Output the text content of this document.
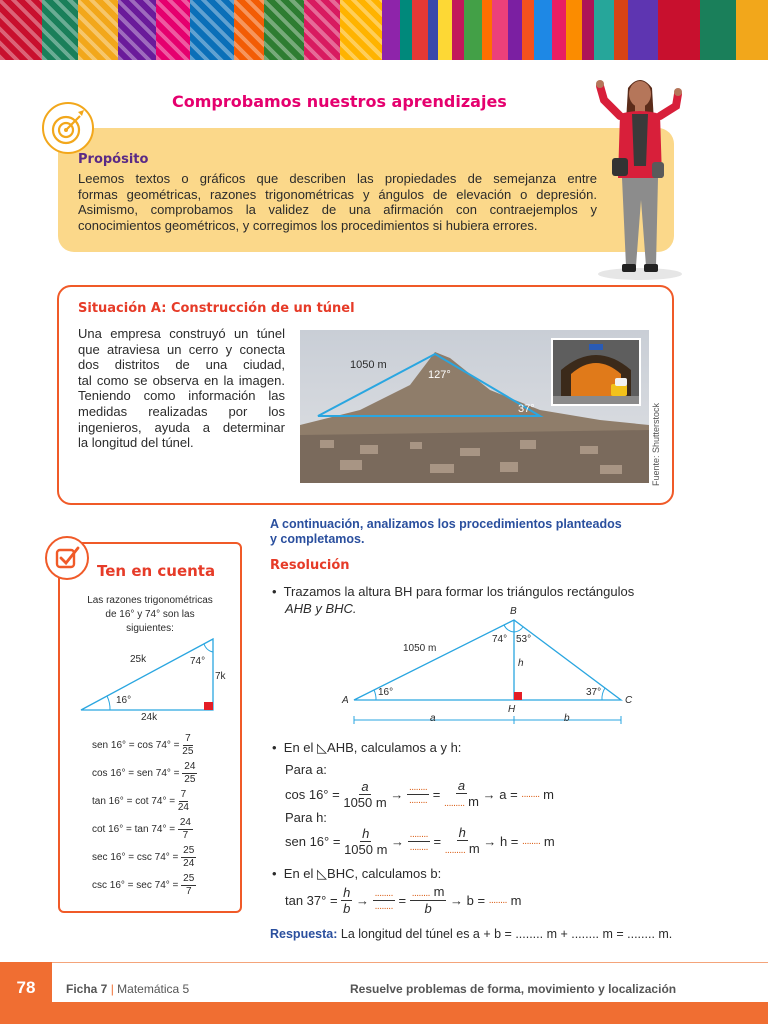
Comprobamos nuestros aprendizajes
Propósito
Leemos textos o gráficos que describen las propiedades de semejanza entre
formas geométricas, razones trigonométricas y ángulos de elevación o depresión.
Asimismo, comprobamos la validez de una afirmación con contraejemplos y
conocimientos geométricos, y corregimos los procedimientos si hubiera errores.
Situación A: Construcción de un túnel
Una empresa construyó un túnel
que atraviesa un cerro y conecta
dos distritos de una ciudad,
tal como se observa en la imagen.
Teniendo como información las
medidas realizadas por los
ingenieros, ayuda a determinar
la longitud del túnel.
1050 m
127°
37°	Fuente: Shutterstock
Ten en cuenta
Las razones trigonométricas
de 16° y 74° son las
siguientes:
25k	74°
7k
16°
24k
sen 16° = cos 74° =
$\frac{7}{25}$
cos 16° = sen 74° =
$\frac{24}{25}$
tan 16° = cot 74° =
$\frac{7}{24}$
cot 16° = tan 74° =
$\frac{24}{7}$
sec 16° = csc 74° =
$\frac{25}{24}$
csc 16° = sec 74° =
$\frac{25}{7}$
A continuación, analizamos los procedimientos planteados
y completamos.
Resolución
• Trazamos la altura BH para formar los triángulos rectángulos
AHB y BHC.	B
74° 53°
1050 m
h
16°	37°
A	C
H
a	b
• En el ◺AHB, calculamos a y h:
Para a:
cos 16° =
$\frac{a}{1050 m} \to \frac{........}{........} = \frac{a}{......... m}$
→ a =
........
m
Para h:
sen 16° =
$\frac{h}{1050 m} \to \frac{........}{........} = \frac{h}{......... m}$
→ h =
........
m
• En el ◺BHC, calculamos b:
tan 37° =
$\frac{h}{b} \to \frac{........}{........} = \frac{........ m}{b}$
→ b =
........
m
Respuesta: La longitud del túnel es a + b = ........ m + ........ m = ........ m.
78	Ficha 7 | Matemática 5	Resuelve problemas de forma, movimiento y localización
